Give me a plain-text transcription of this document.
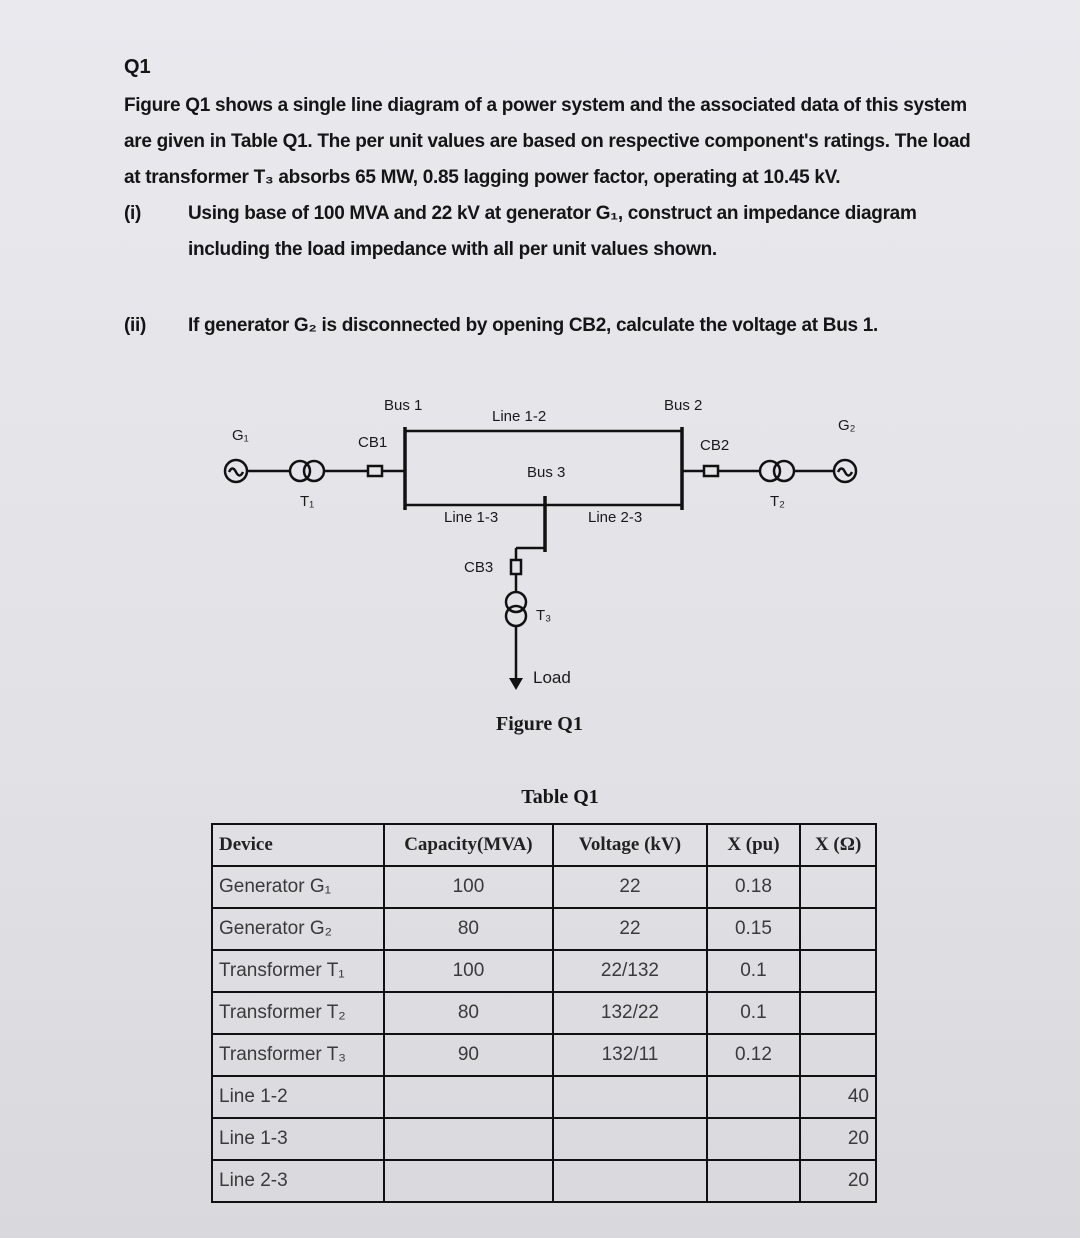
Q1
Figure Q1 shows a single line diagram of a power system and the associated data of this system
are given in Table Q1. The per unit values are based on respective component's ratings. The load
at transformer T₃ absorbs 65 MW, 0.85 lagging power factor, operating at 10.45 kV.
(i) Using base of 100 MVA and 22 kV at generator G₁, construct an impedance diagram
including the load impedance with all per unit values shown.
(ii) If generator G₂ is disconnected by opening CB2, calculate the voltage at Bus 1.
G₁
T₁
CB1
Bus 1
Line 1-2
Bus 2
CB2
G₂
T₂
Bus 3
Line 1-3	Line 2-3
CB3
T₃
Load
Figure Q1
Table Q1
Device	Capacity(MVA)	Voltage (kV)	X (pu)	X (Ω)
Generator G₁	100	22	0.18	
Generator G₂	80	22	0.15	
Transformer T₁	100	22/132	0.1	
Transformer T₂	80	132/22	0.1	
Transformer T₃	90	132/11	0.12	
Line 1-2				40
Line 1-3				20
Line 2-3				20
